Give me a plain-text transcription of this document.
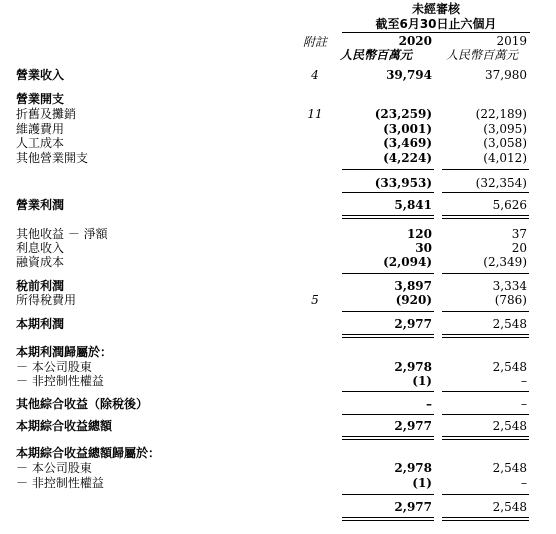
未經審核
截至6月30日止六個月
附註	2020	2019
人民幣百萬元	人民幣百萬元
營業收入	4	39,794	37,980
營業開支
折舊及攤銷	11	(23,259)	(22,189)
維護費用	(3,001)	(3,095)
人工成本	(3,469)	(3,058)
其他營業開支	(4,224)	(4,012)
(33,953)	(32,354)
營業利潤	5,841	5,626
其他收益 － 淨額	120	37
利息收入	30	20
融資成本	(2,094)	(2,349)
稅前利潤	3,897	3,334
所得稅費用	5	(920)	(786)
本期利潤	2,977	2,548
本期利潤歸屬於：
－ 本公司股東	2,978	2,548
－ 非控制性權益	(1)	–
其他綜合收益（除稅後）	–	–
本期綜合收益總額	2,977	2,548
本期綜合收益總額歸屬於：
－ 本公司股東	2,978	2,548
－ 非控制性權益	(1)	–
2,977	2,548
